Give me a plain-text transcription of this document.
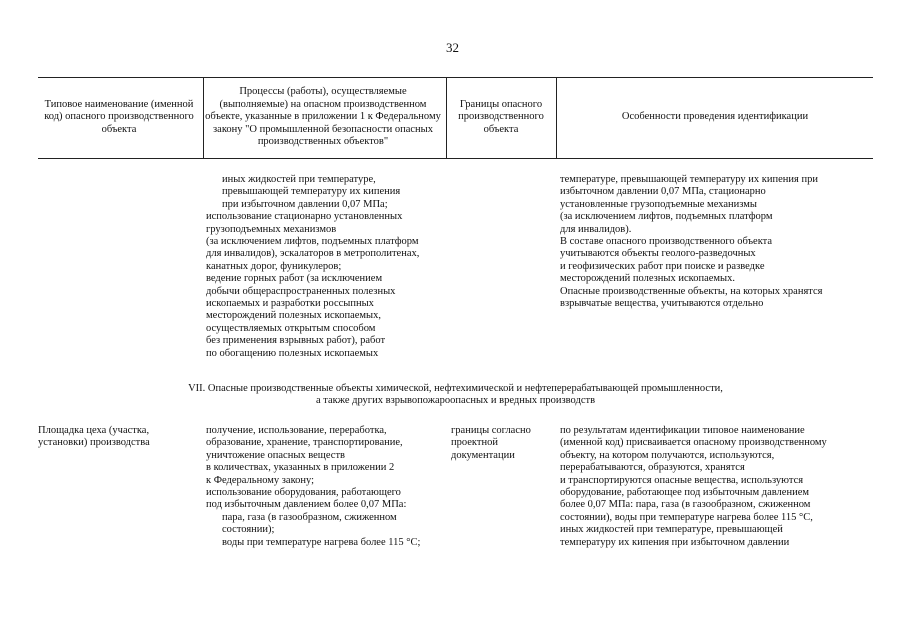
32
Типовое наименование (именной код) опасного производственного объекта
Процессы (работы), осуществляемые (выполняемые) на опасном производственном объекте, указанные в приложении 1 к Федеральному закону "О промышленной безопасности опасных производственных объектов"
Границы опасного производственного объекта
Особенности проведения идентификации
иных жидкостей при температуре,
превышающей температуру их кипения
при избыточном давлении 0,07 МПа;
использование стационарно установленных
грузоподъемных механизмов
(за исключением лифтов, подъемных платформ
для инвалидов), эскалаторов в метрополитенах,
канатных дорог, фуникулеров;
ведение горных работ (за исключением
добычи общераспространенных полезных
ископаемых и разработки россыпных
месторождений полезных ископаемых,
осуществляемых открытым способом
без применения взрывных работ), работ
по обогащению полезных ископаемых
температуре, превышающей температуру их кипения при
избыточном давлении 0,07 МПа, стационарно
установленные грузоподъемные механизмы
(за исключением лифтов, подъемных платформ
для инвалидов).
В составе опасного производственного объекта
учитываются объекты геолого-разведочных
и геофизических работ при поиске и разведке
месторождений полезных ископаемых.
Опасные производственные объекты, на которых хранятся
взрывчатые вещества, учитываются отдельно
VII. Опасные производственные объекты химической, нефтехимической и нефтеперерабатывающей промышленности,
а также других взрывопожароопасных и вредных производств
Площадка цеха (участка,
установки) производства
получение, использование, переработка,
образование, хранение, транспортирование,
уничтожение опасных веществ
в количествах, указанных в приложении 2
к Федеральному закону;
использование оборудования, работающего
под избыточным давлением более 0,07 МПа:
пара, газа (в газообразном, сжиженном
состоянии);
воды при температуре нагрева более 115 °С;
границы согласно
проектной
документации
по результатам идентификации типовое наименование
(именной код) присваивается опасному производственному
объекту, на котором получаются, используются,
перерабатываются, образуются, хранятся
и транспортируются опасные вещества, используются
оборудование, работающее под избыточным давлением
более 0,07 МПа: пара, газа (в газообразном, сжиженном
состоянии), воды при температуре нагрева более 115 °С,
иных жидкостей при температуре, превышающей
температуру их кипения при избыточном давлении
